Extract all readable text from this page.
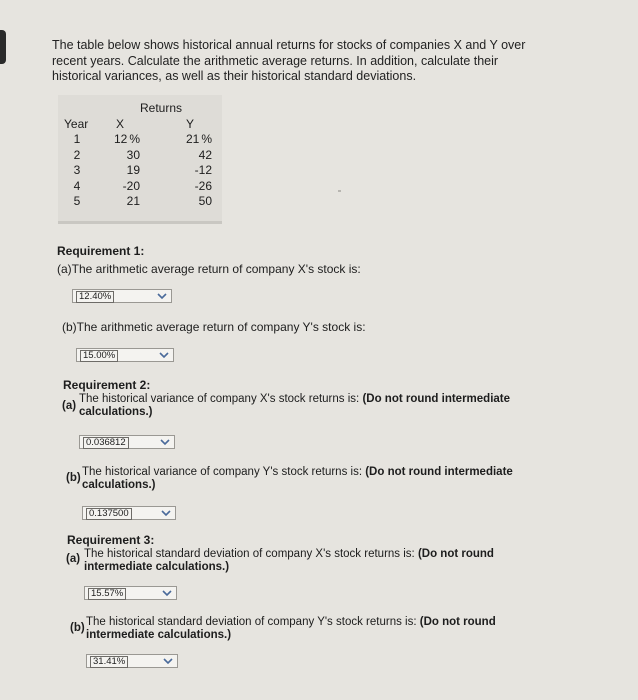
The table below shows historical annual returns for stocks of companies X and Y over
recent years. Calculate the arithmetic average returns. In addition, calculate their
historical variances, as well as their historical standard deviations.
Returns
Year X	Y
1	12 %	21 %
2	30	42
3	19	-12
4	-20	-26
5	21	50
Requirement 1:
(a)The arithmetic average return of company X's stock is:
12.40%
(b)The arithmetic average return of company Y's stock is:
15.00%
Requirement 2:
(a)
The historical variance of company X's stock returns is: (Do not round intermediate
calculations.)
0.036812
(b) The historical variance of company Y's stock returns is: (Do not round intermediate
calculations.)
0.137500
Requirement 3:
(a) The historical standard deviation of company X's stock returns is: (Do not round
intermediate calculations.)
15.57%
(b) The historical standard deviation of company Y's stock returns is: (Do not round
intermediate calculations.)
31.41%
